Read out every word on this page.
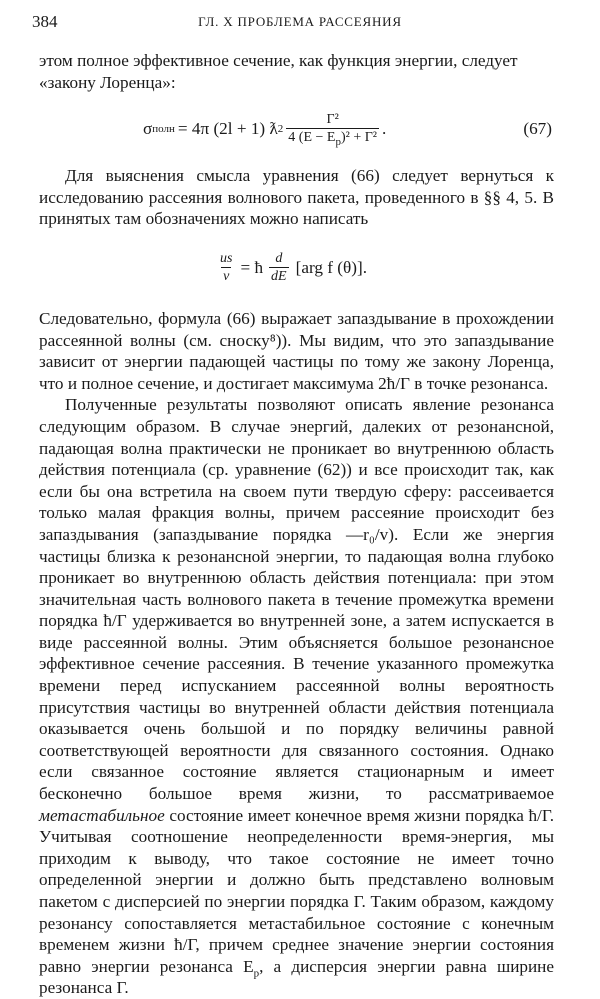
384	ГЛ. X ПРОБЛЕМА РАССЕЯНИЯ

этом полное эффективное сечение, как функция энергии, следует
«закону Лоренца»:

σ полн = 4π (2l + 1) ƛ $2 \frac{\text{Γ²}}{4 (E - E_p)^2 + \Gamma^2}$ .	(67)

Для выяснения смысла уравнения (66) следует вернуться к исследованию рассеяния волнового пакета, проведенного в §§ 4, 5. В принятых там обозначениях можно написать

$\frac{us}{v}$ = ħ $\frac{d}{dE} [arg$ f (θ)].

Следовательно, формула (66) выражает запаздывание в прохождении рассеянной волны (см. сноску⁸)). Мы видим, что это запаздывание зависит от энергии падающей частицы по тому же закону Лоренца, что и полное сечение, и достигает максимума 2ħ/Γ в точке резонанса.

Полученные результаты позволяют описать явление резонанса следующим образом. В случае энергий, далеких от резонансной, падающая волна практически не проникает во внутреннюю область действия потенциала (ср. уравнение (62)) и все происходит так, как если бы она встретила на своем пути твердую сферу: рассеивается только малая фракция волны, причем рассеяние происходит без запаздывания (запаздывание порядка —r₀/v). Если же энергия частицы близка к резонансной энергии, то падающая волна глубоко проникает во внутреннюю область действия потенциала: при этом значительная часть волнового пакета в течение промежутка времени порядка ħ/Γ удерживается во внутренней зоне, а затем испускается в виде рассеянной волны. Этим объясняется большое резонансное эффективное сечение рассеяния. В течение указанного промежутка времени перед испусканием рассеянной волны вероятность присутствия частицы во внутренней области действия потенциала оказывается очень большой и по порядку величины равной соответствующей вероятности для связанного состояния. Однако если связанное состояние является стационарным и имеет бесконечно большое время жизни, то рассматриваемое метастабильное состояние имеет конечное время жизни порядка ħ/Γ. Учитывая соотношение неопределенности время-энергия, мы приходим к выводу, что такое состояние не имеет точно определенной энергии и должно быть представлено волновым пакетом с дисперсией по энергии порядка Γ. Таким образом, каждому резонансу сопоставляется метастабильное состояние с конечным временем жизни ħ/Γ, причем среднее значение энергии состояния равно энергии резонанса $E_p$, а дисперсия энергии равна ширине резонанса Γ.
